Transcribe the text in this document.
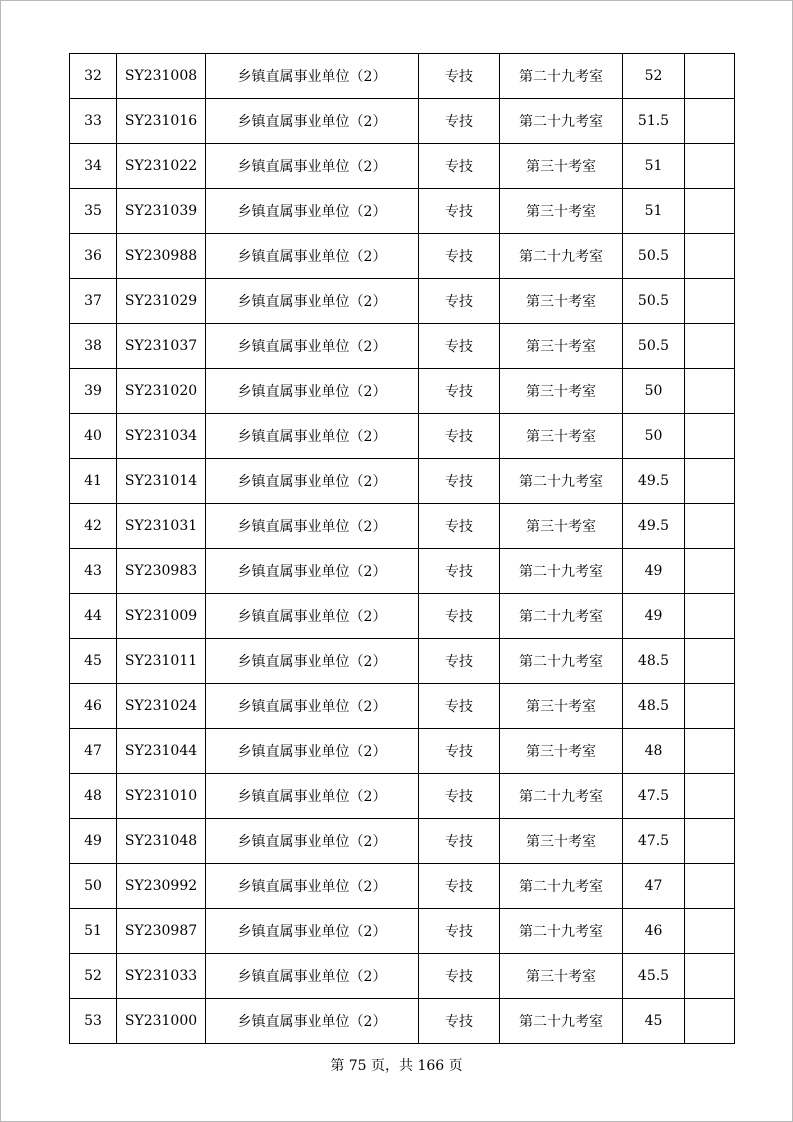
32	SY231008	乡镇直属事业单位（2）	专技	第二十九考室	52	
33	SY231016	乡镇直属事业单位（2）	专技	第二十九考室	51.5	
34	SY231022	乡镇直属事业单位（2）	专技	第三十考室	51	
35	SY231039	乡镇直属事业单位（2）	专技	第三十考室	51	
36	SY230988	乡镇直属事业单位（2）	专技	第二十九考室	50.5	
37	SY231029	乡镇直属事业单位（2）	专技	第三十考室	50.5	
38	SY231037	乡镇直属事业单位（2）	专技	第三十考室	50.5	
39	SY231020	乡镇直属事业单位（2）	专技	第三十考室	50	
40	SY231034	乡镇直属事业单位（2）	专技	第三十考室	50	
41	SY231014	乡镇直属事业单位（2）	专技	第二十九考室	49.5	
42	SY231031	乡镇直属事业单位（2）	专技	第三十考室	49.5	
43	SY230983	乡镇直属事业单位（2）	专技	第二十九考室	49	
44	SY231009	乡镇直属事业单位（2）	专技	第二十九考室	49	
45	SY231011	乡镇直属事业单位（2）	专技	第二十九考室	48.5	
46	SY231024	乡镇直属事业单位（2）	专技	第三十考室	48.5	
47	SY231044	乡镇直属事业单位（2）	专技	第三十考室	48	
48	SY231010	乡镇直属事业单位（2）	专技	第二十九考室	47.5	
49	SY231048	乡镇直属事业单位（2）	专技	第三十考室	47.5	
50	SY230992	乡镇直属事业单位（2）	专技	第二十九考室	47	
51	SY230987	乡镇直属事业单位（2）	专技	第二十九考室	46	
52	SY231033	乡镇直属事业单位（2）	专技	第三十考室	45.5	
53	SY231000	乡镇直属事业单位（2）	专技	第二十九考室	45	
第 75 页，共 166 页
